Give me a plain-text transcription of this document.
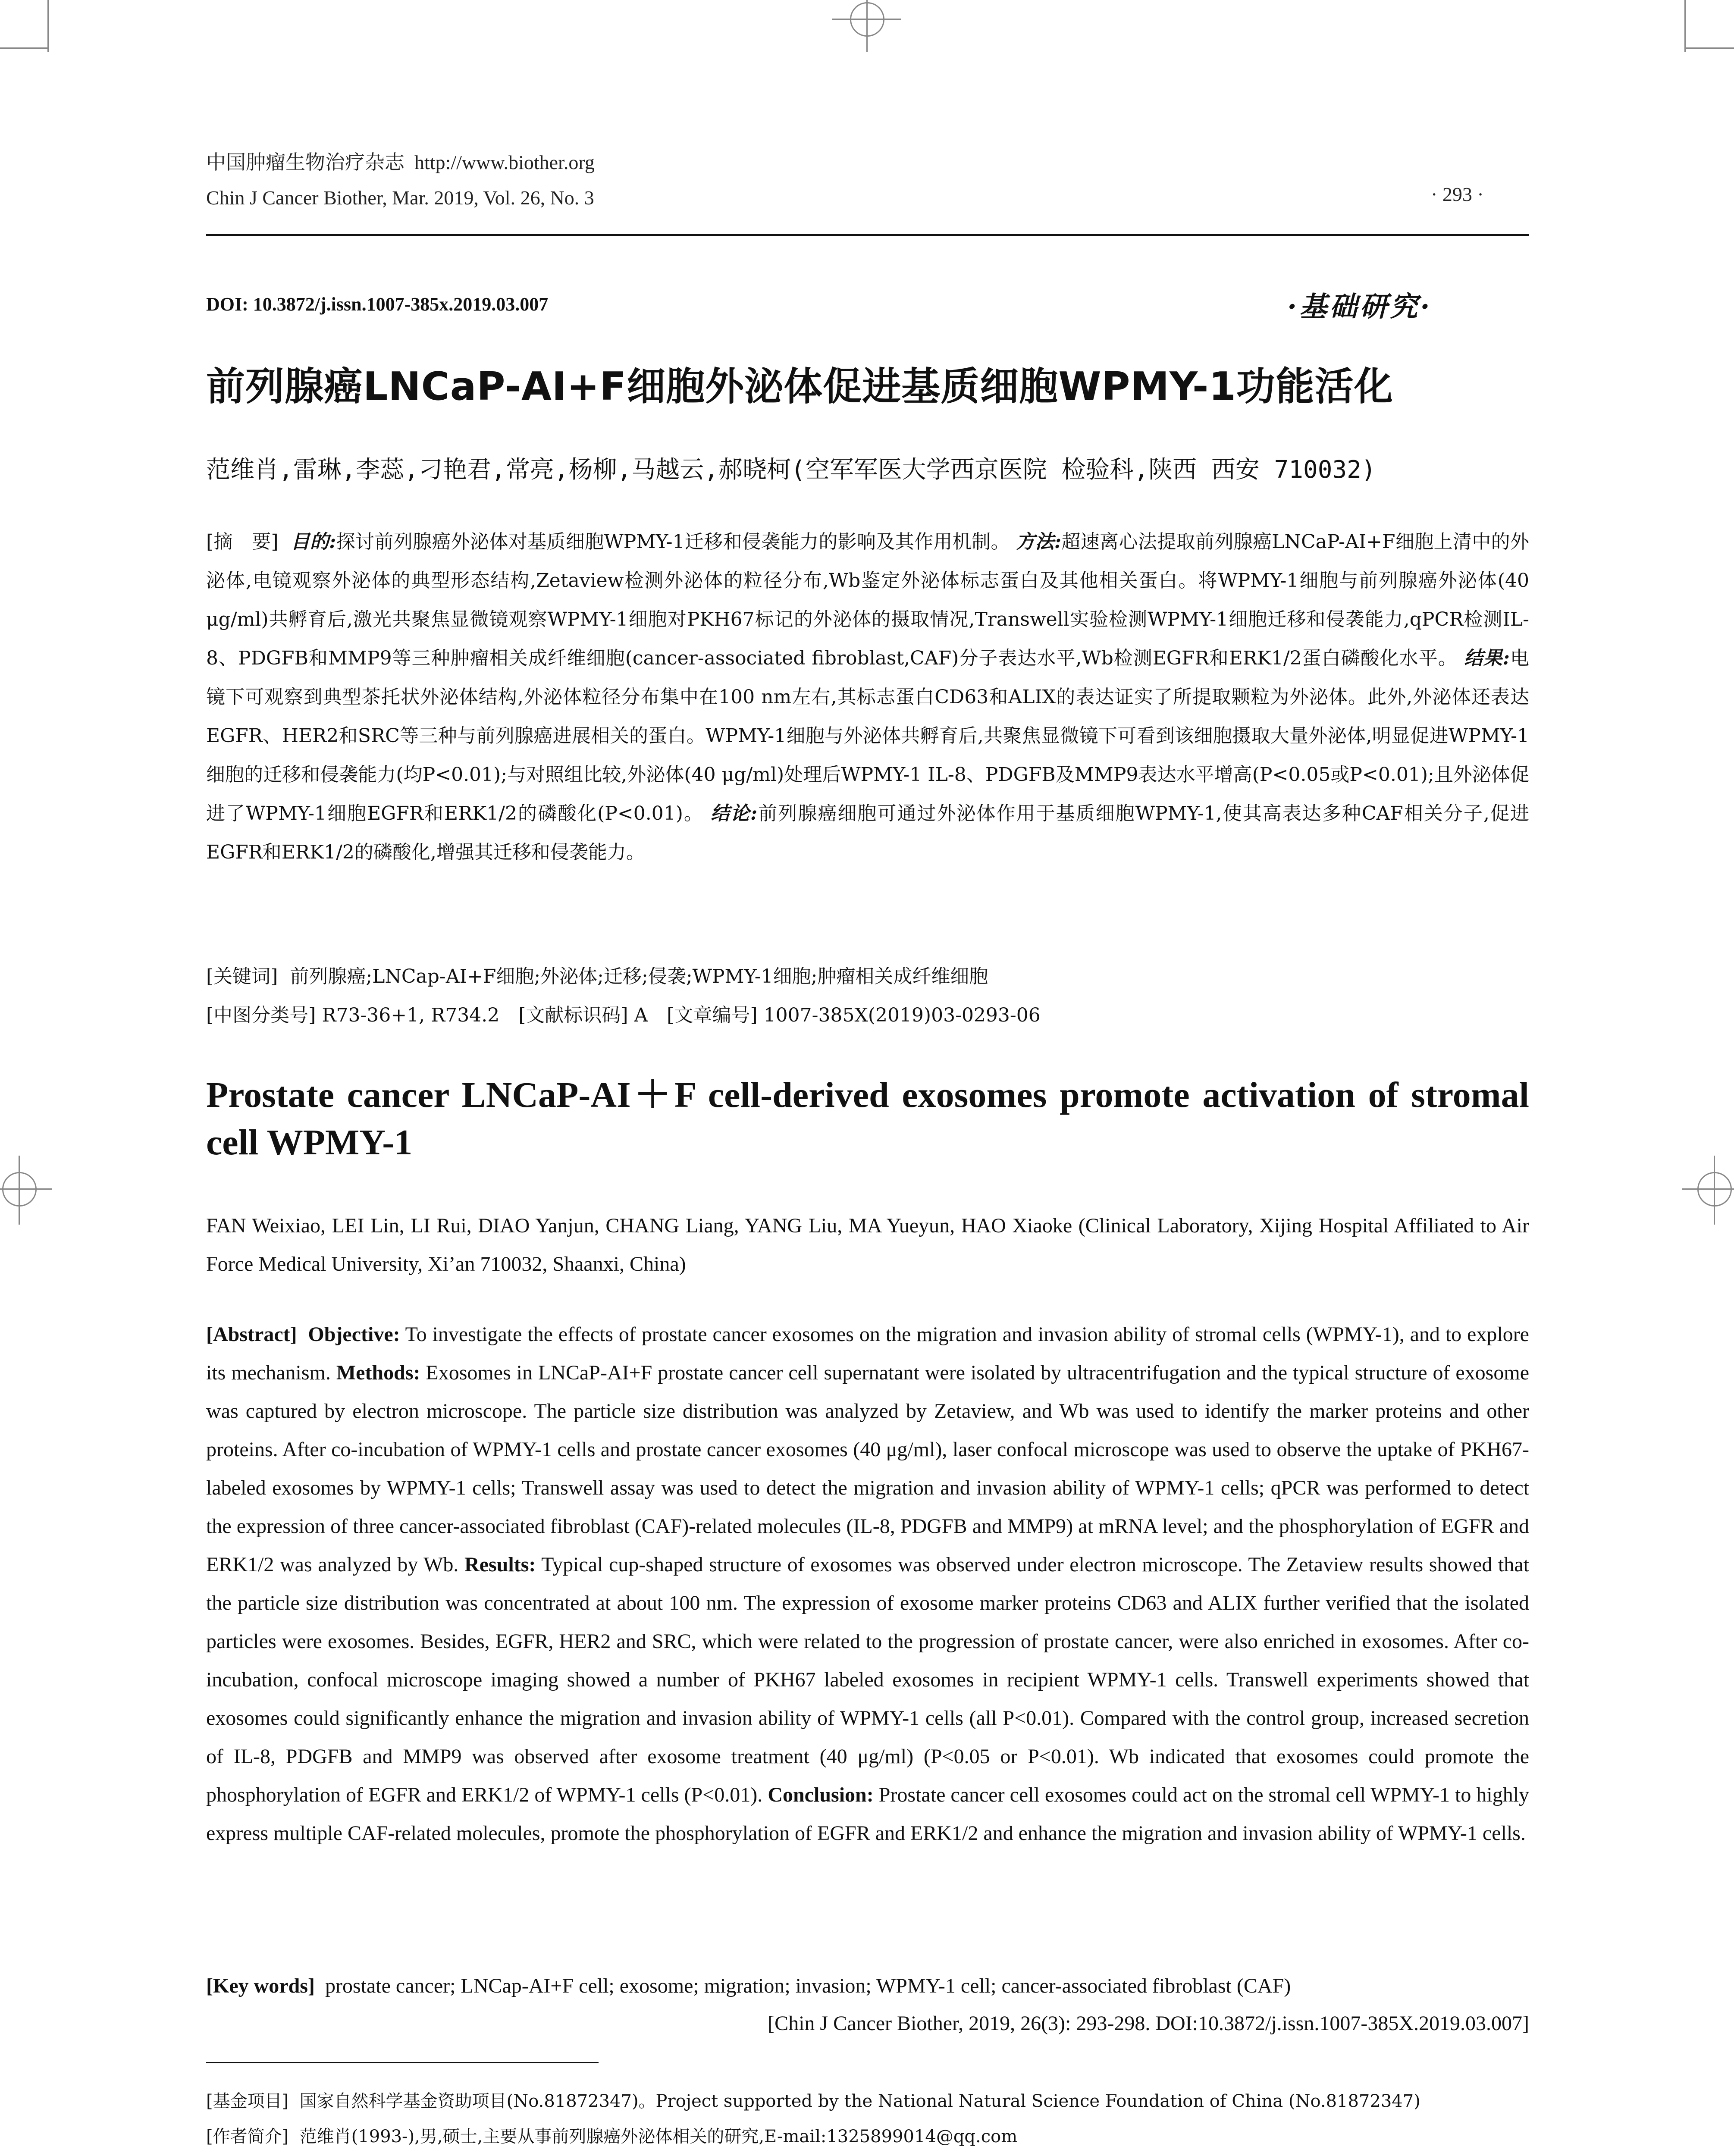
中国肿瘤生物治疗杂志 http://www.biother.org
Chin J Cancer Biother, Mar. 2019, Vol. 26, No. 3	· 293 ·
DOI: 10.3872/j.issn.1007-385x.2019.03.007	·基础研究·
前列腺癌LNCaP-AI+F细胞外泌体促进基质细胞WPMY-1功能活化
范维肖,雷琳,李蕊,刁艳君,常亮,杨柳,马越云,郝晓柯(空军军医大学西京医院 检验科,陕西 西安 710032)
[摘　要] 目的:探讨前列腺癌外泌体对基质细胞WPMY-1迁移和侵袭能力的影响及其作用机制。 方法:超速离心法提取前列腺癌LNCaP-AI+F细胞上清中的外泌体,电镜观察外泌体的典型形态结构,Zetaview检测外泌体的粒径分布,Wb鉴定外泌体标志蛋白及其他相关蛋白。将WPMY-1细胞与前列腺癌外泌体(40 μg/ml)共孵育后,激光共聚焦显微镜观察WPMY-1细胞对PKH67标记的外泌体的摄取情况,Transwell实验检测WPMY-1细胞迁移和侵袭能力,qPCR检测IL-8、PDGFB和MMP9等三种肿瘤相关成纤维细胞(cancer-associated fibroblast,CAF)分子表达水平,Wb检测EGFR和ERK1/2蛋白磷酸化水平。 结果:电镜下可观察到典型茶托状外泌体结构,外泌体粒径分布集中在100 nm左右,其标志蛋白CD63和ALIX的表达证实了所提取颗粒为外泌体。此外,外泌体还表达EGFR、HER2和SRC等三种与前列腺癌进展相关的蛋白。WPMY-1细胞与外泌体共孵育后,共聚焦显微镜下可看到该细胞摄取大量外泌体,明显促进WPMY-1细胞的迁移和侵袭能力(均P<0.01);与对照组比较,外泌体(40 μg/ml)处理后WPMY-1 IL-8、PDGFB及MMP9表达水平增高(P<0.05或P<0.01);且外泌体促进了WPMY-1细胞EGFR和ERK1/2的磷酸化(P<0.01)。 结论:前列腺癌细胞可通过外泌体作用于基质细胞WPMY-1,使其高表达多种CAF相关分子,促进EGFR和ERK1/2的磷酸化,增强其迁移和侵袭能力。
[关键词] 前列腺癌;LNCap-AI+F细胞;外泌体;迁移;侵袭;WPMY-1细胞;肿瘤相关成纤维细胞
[中图分类号] R73-36+1, R734.2　[文献标识码] A　[文章编号] 1007-385X(2019)03-0293-06
Prostate cancer LNCaP-AI＋F cell-derived exosomes promote activation of stromal cell WPMY-1
FAN Weixiao, LEI Lin, LI Rui, DIAO Yanjun, CHANG Liang, YANG Liu, MA Yueyun, HAO Xiaoke (Clinical Laboratory, Xijing Hospital Affiliated to Air Force Medical University, Xi’an 710032, Shaanxi, China)
[Abstract] Objective: To investigate the effects of prostate cancer exosomes on the migration and invasion ability of stromal cells (WPMY-1), and to explore its mechanism. Methods: Exosomes in LNCaP-AI+F prostate cancer cell supernatant were isolated by ultracentrifugation and the typical structure of exosome was captured by electron microscope. The particle size distribution was analyzed by Zetaview, and Wb was used to identify the marker proteins and other proteins. After co-incubation of WPMY-1 cells and prostate cancer exosomes (40 μg/ml), laser confocal microscope was used to observe the uptake of PKH67-labeled exosomes by WPMY-1 cells; Transwell assay was used to detect the migration and invasion ability of WPMY-1 cells; qPCR was performed to detect the expression of three cancer-associated fibroblast (CAF)-related molecules (IL-8, PDGFB and MMP9) at mRNA level; and the phosphorylation of EGFR and ERK1/2 was analyzed by Wb. Results: Typical cup-shaped structure of exosomes was observed under electron microscope. The Zetaview results showed that the particle size distribution was concentrated at about 100 nm. The expression of exosome marker proteins CD63 and ALIX further verified that the isolated particles were exosomes. Besides, EGFR, HER2 and SRC, which were related to the progression of prostate cancer, were also enriched in exosomes. After co-incubation, confocal microscope imaging showed a number of PKH67 labeled exosomes in recipient WPMY-1 cells. Transwell experiments showed that exosomes could significantly enhance the migration and invasion ability of WPMY-1 cells (all P<0.01). Compared with the control group, increased secretion of IL-8, PDGFB and MMP9 was observed after exosome treatment (40 μg/ml) (P<0.05 or P<0.01). Wb indicated that exosomes could promote the phosphorylation of EGFR and ERK1/2 of WPMY-1 cells (P<0.01). Conclusion: Prostate cancer cell exosomes could act on the stromal cell WPMY-1 to highly express multiple CAF-related molecules, promote the phosphorylation of EGFR and ERK1/2 and enhance the migration and invasion ability of WPMY-1 cells.
[Key words] prostate cancer; LNCap-AI+F cell; exosome; migration; invasion; WPMY-1 cell; cancer-associated fibroblast (CAF)
[Chin J Cancer Biother, 2019, 26(3): 293-298. DOI:10.3872/j.issn.1007-385X.2019.03.007]
[基金项目] 国家自然科学基金资助项目(No.81872347)。Project supported by the National Natural Science Foundation of China (No.81872347)
[作者简介] 范维肖(1993-),男,硕士,主要从事前列腺癌外泌体相关的研究,E-mail:1325899014@qq.com
